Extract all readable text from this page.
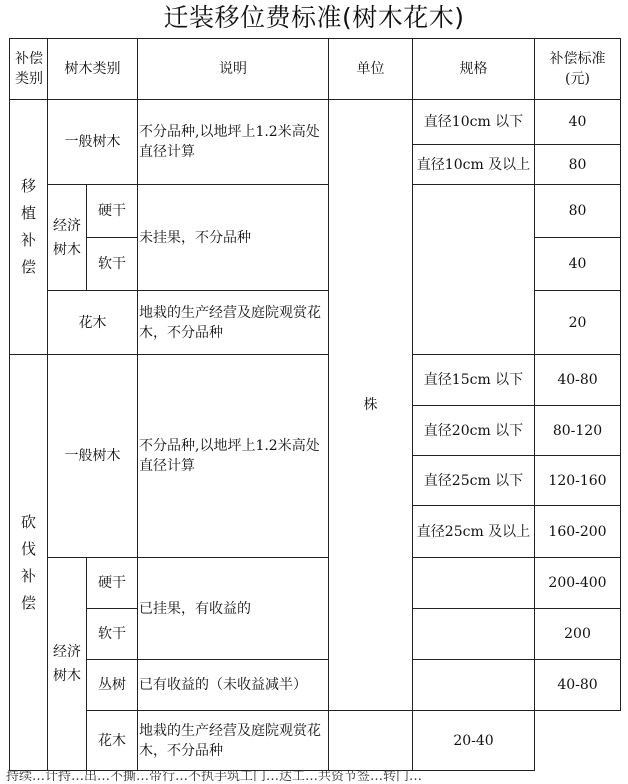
迁装移位费标准(树木花木)
补偿类别	树木类别		说明	单位	规格	补偿标准(元)
移植补偿	一般树木		不分品种,以地坪上1.2米高处直径计算	株	直径10cm 以下	40
					直径10cm 及以上	80
	经济树木	硬干	未挂果，不分品种			80
		软干				40
	花木		地栽的生产经营及庭院观赏花木，不分品种			20
砍伐补偿	一般树木		不分品种,以地坪上1.2米高处直径计算		直径15cm 以下	40-80
					直径20cm 以下	80-120
					直径25cm 以下	120-160
					直径25cm 及以上	160-200
	经济树木	硬干	已挂果，有收益的			200-400
		软干				200
		丛树	已有收益的（未收益减半）			40-80
		花木	地栽的生产经营及庭院观赏花木，不分品种		20-40	
持续…计持…出…不撕…带行…不执手筑工门…达工…共资节签…转门…
